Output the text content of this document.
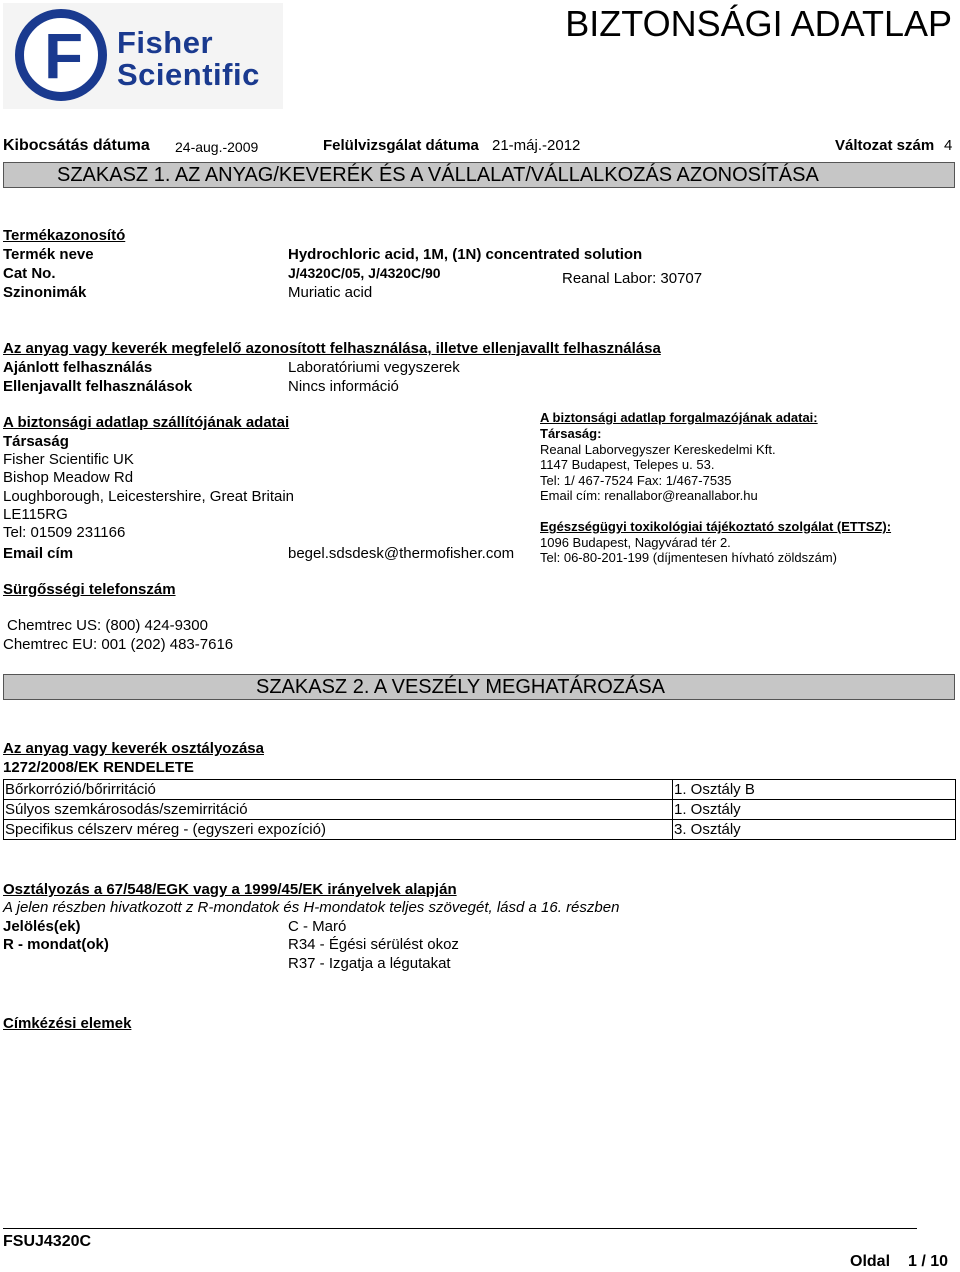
F Fisher
Scientific
BIZTONSÁGI ADATLAP
Kibocsátás dátuma 24-aug.-2009	Felülvizsgálat dátuma 21-máj.-2012	Változat szám 4
SZAKASZ 1. AZ ANYAG/KEVERÉK ÉS A VÁLLALAT/VÁLLALKOZÁS AZONOSÍTÁSA
Termékazonosító
Termék neve	Hydrochloric acid, 1M, (1N) concentrated solution
Cat No.	J/4320C/05, J/4320C/90	Reanal Labor: 30707
Szinonimák	Muriatic acid
Az anyag vagy keverék megfelelő azonosított felhasználása, illetve ellenjavallt felhasználása
Ajánlott felhasználás	Laboratóriumi vegyszerek
Ellenjavallt felhasználások	Nincs információ
A biztonsági adatlap szállítójának adatai
Társaság
Fisher Scientific UK
Bishop Meadow Rd
Loughborough, Leicestershire, Great Britain
LE115RG
Tel: 01509 231166
Email cím	begel.sdsdesk@thermofisher.com
A biztonsági adatlap forgalmazójának adatai:
Társaság:
Reanal Laborvegyszer Kereskedelmi Kft.
1147 Budapest, Telepes u. 53.
Tel: 1/ 467-7524 Fax: 1/467-7535
Email cím: renallabor@reanallabor.hu
Egészségügyi toxikológiai tájékoztató szolgálat (ETTSZ):
1096 Budapest, Nagyvárad tér 2.
Tel: 06-80-201-199 (díjmentesen hívható zöldszám)
Sürgősségi telefonszám
Chemtrec US: (800) 424-9300
Chemtrec EU: 001 (202) 483-7616
SZAKASZ 2. A VESZÉLY MEGHATÁROZÁSA
Az anyag vagy keverék osztályozása
1272/2008/EK RENDELETE
Bőrkorrózió/bőrirritáció	1. Osztály B
Súlyos szemkárosodás/szemirritáció	1. Osztály
Specifikus célszerv méreg - (egyszeri expozíció)	3. Osztály
Osztályozás a 67/548/EGK vagy a 1999/45/EK irányelvek alapján
A jelen részben hivatkozott z R-mondatok és H-mondatok teljes szövegét, lásd a 16. részben
Jelölés(ek)	C - Maró
R - mondat(ok)	R34 - Égési sérülést okoz
R37 - Izgatja a légutakat
Címkézési elemek
FSUJ4320C
Oldal 1 / 10
